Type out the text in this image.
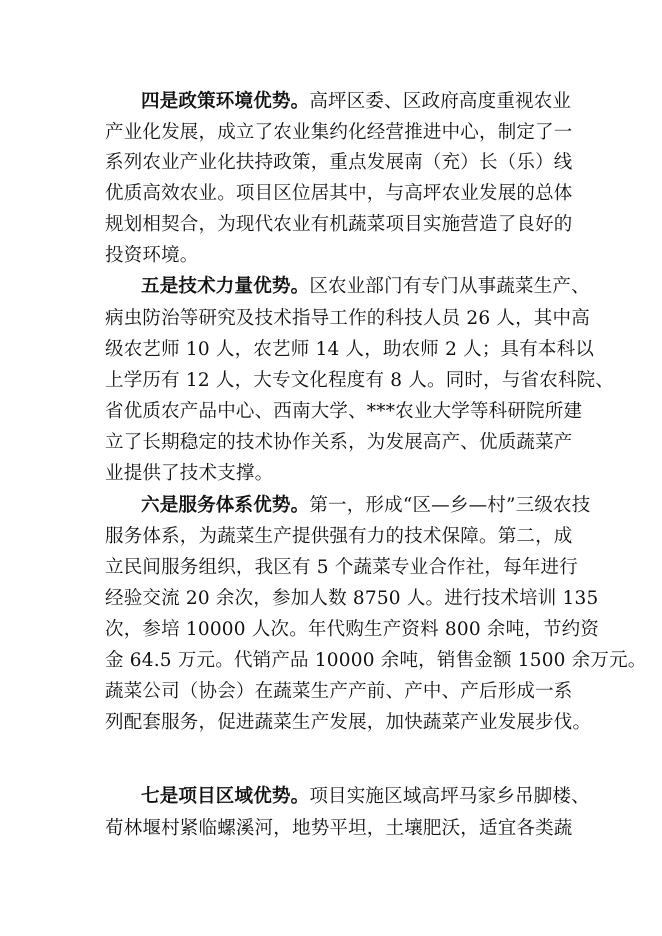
四是政策环境优势。高坪区委、区政府高度重视农业
产业化发展，成立了农业集约化经营推进中心，制定了一
系列农业产业化扶持政策，重点发展南（充）长（乐）线
优质高效农业。项目区位居其中，与高坪农业发展的总体
规划相契合，为现代农业有机蔬菜项目实施营造了良好的
投资环境。
五是技术力量优势。区农业部门有专门从事蔬菜生产、
病虫防治等研究及技术指导工作的科技人员 26 人，其中高
级农艺师 10 人，农艺师 14 人，助农师 2 人；具有本科以
上学历有 12 人，大专文化程度有 8 人。同时，与省农科院、
省优质农产品中心、西南大学、***农业大学等科研院所建
立了长期稳定的技术协作关系，为发展高产、优质蔬菜产
业提供了技术支撑。
六是服务体系优势。第一，形成“区—乡—村”三级农技
服务体系，为蔬菜生产提供强有力的技术保障。第二，成
立民间服务组织，我区有 5 个蔬菜专业合作社，每年进行
经验交流 20 余次，参加人数 8750 人。进行技术培训 135
次，参培 10000 人次。年代购生产资料 800 余吨，节约资
金 64.5 万元。代销产品 10000 余吨，销售金额 1500 余万元。
蔬菜公司（协会）在蔬菜生产产前、产中、产后形成一系
列配套服务，促进蔬菜生产发展，加快蔬菜产业发展步伐。
七是项目区域优势。项目实施区域高坪马家乡吊脚楼、
荀林堰村紧临螺溪河，地势平坦，土壤肥沃，适宜各类蔬
